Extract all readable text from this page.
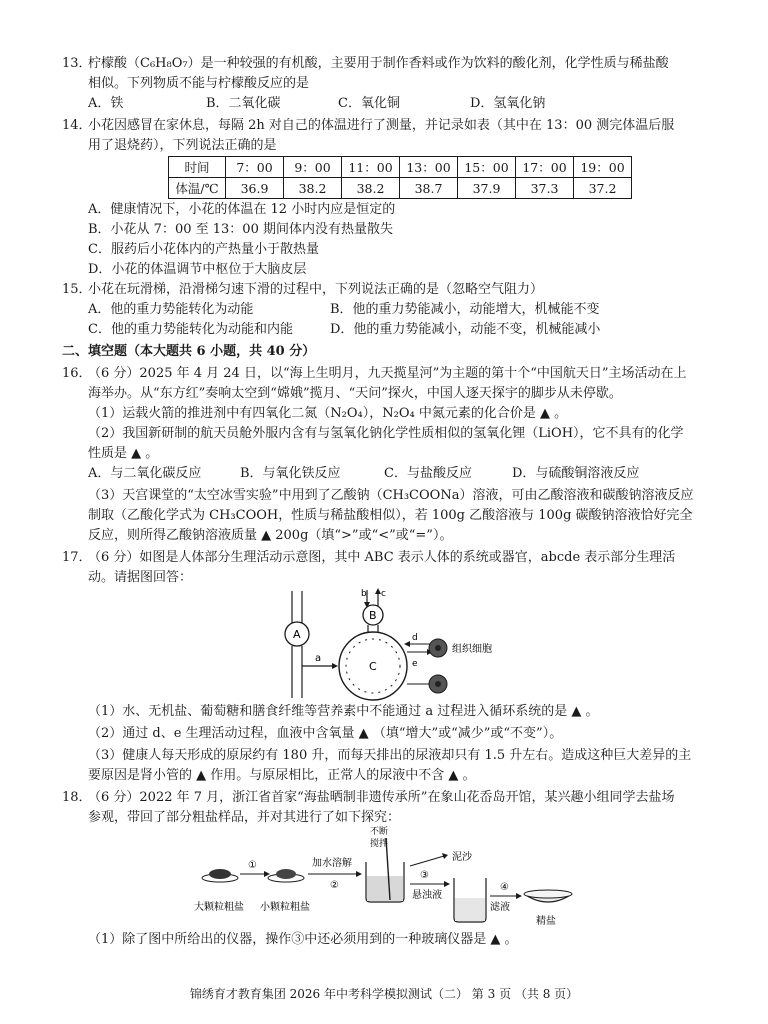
13．
柠檬酸（C₆H₈O₇）是一种较强的有机酸，主要用于制作香料或作为饮料的酸化剂，化学性质与稀盐酸
相似。下列物质不能与柠檬酸反应的是
A．铁	B．二氧化碳	C．氧化铜	D．氢氧化钠
14．
小花因感冒在家休息，每隔 2h 对自己的体温进行了测量，并记录如表（其中在 13：00 测完体温后服
用了退烧药），下列说法正确的是
时间	7：00	9：00	11：00	13：00	15：00	17：00	19：00
体温/℃	36.9	38.2	38.2	38.7	37.9	37.3	37.2
A．健康情况下，小花的体温在 12 小时内应是恒定的
B．小花从 7：00 至 13：00 期间体内没有热量散失
C．服药后小花体内的产热量小于散热量
D．小花的体温调节中枢位于大脑皮层
15．
小花在玩滑梯，沿滑梯匀速下滑的过程中，下列说法正确的是（忽略空气阻力）
A．他的重力势能转化为动能	B．他的重力势能减小，动能增大，机械能不变
C．他的重力势能转化为动能和内能	D．他的重力势能减小，动能不变，机械能减小
二、填空题（本大题共 6 小题，共 40 分）
16．
（6 分）2025 年 4 月 24 日，以“海上生明月，九天揽星河”为主题的第十个“中国航天日”主场活动在上
海举办。从“东方红”奏响太空到“嫦娥”揽月、“天问”探火，中国人逐天探宇的脚步从未停歇。
（1）运载火箭的推进剂中有四氧化二氮（N₂O₄），N₂O₄ 中氮元素的化合价是 ▲ 。
（2）我国新研制的航天员舱外服内含有与氢氧化钠化学性质相似的氢氧化锂（LiOH），它不具有的化学
性质是 ▲ 。
A．与二氧化碳反应	B．与氧化铁反应	C．与盐酸反应	D．与硫酸铜溶液反应
（3）天宫课堂的“太空冰雪实验”中用到了乙酸钠（CH₃COONa）溶液，可由乙酸溶液和碳酸钠溶液反应
制取（乙酸化学式为 CH₃COOH，性质与稀盐酸相似），若 100g 乙酸溶液与 100g 碳酸钠溶液恰好完全
反应，则所得乙酸钠溶液质量 ▲ 200g（填“>”或“<”或“=”）。
17．
（6 分）如图是人体部分生理活动示意图，其中 ABC 表示人体的系统或器官，abcde 表示部分生理活
动。请据图回答：
A
a
b c
B
C
d
e
组织细胞
（1）水、无机盐、葡萄糖和膳食纤维等营养素中不能通过 a 过程进入循环系统的是 ▲ 。
（2）通过 d、e 生理活动过程，血液中含氧量 ▲ （填“增大”或“减少”或“不变”）。
（3）健康人每天形成的原尿约有 180 升，而每天排出的尿液却只有 1.5 升左右。造成这种巨大差异的主
要原因是肾小管的 ▲ 作用。与原尿相比，正常人的尿液中不含 ▲ 。
18．
（6 分）2022 年 7 月，浙江省首家“海盐晒制非遗传承所”在象山花岙岛开馆，某兴趣小组同学去盐场
参观，带回了部分粗盐样品，并对其进行了如下探究：
①
大颗粒粗盐 小颗粒粗盐
加水溶解
②
不断
搅拌
泥沙
③
悬浊液
④
滤液
精盐
（1）除了图中所给出的仪器，操作③中还必须用到的一种玻璃仪器是 ▲ 。
锦绣育才教育集团 2026 年中考科学模拟测试（二） 第 3 页 （共 8 页）
